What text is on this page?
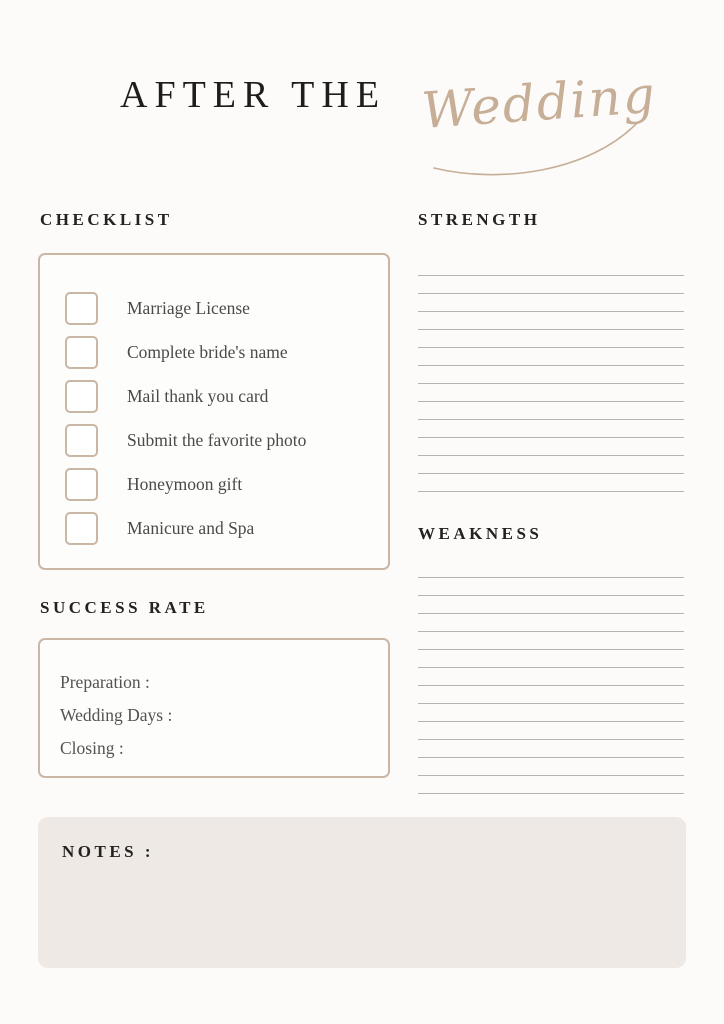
AFTER THE Wedding
CHECKLIST
Marriage License
Complete bride's name
Mail thank you card
Submit the favorite photo
Honeymoon gift
Manicure and Spa
STRENGTH
WEAKNESS
SUCCESS RATE
Preparation :
Wedding Days :
Closing :
NOTES :
